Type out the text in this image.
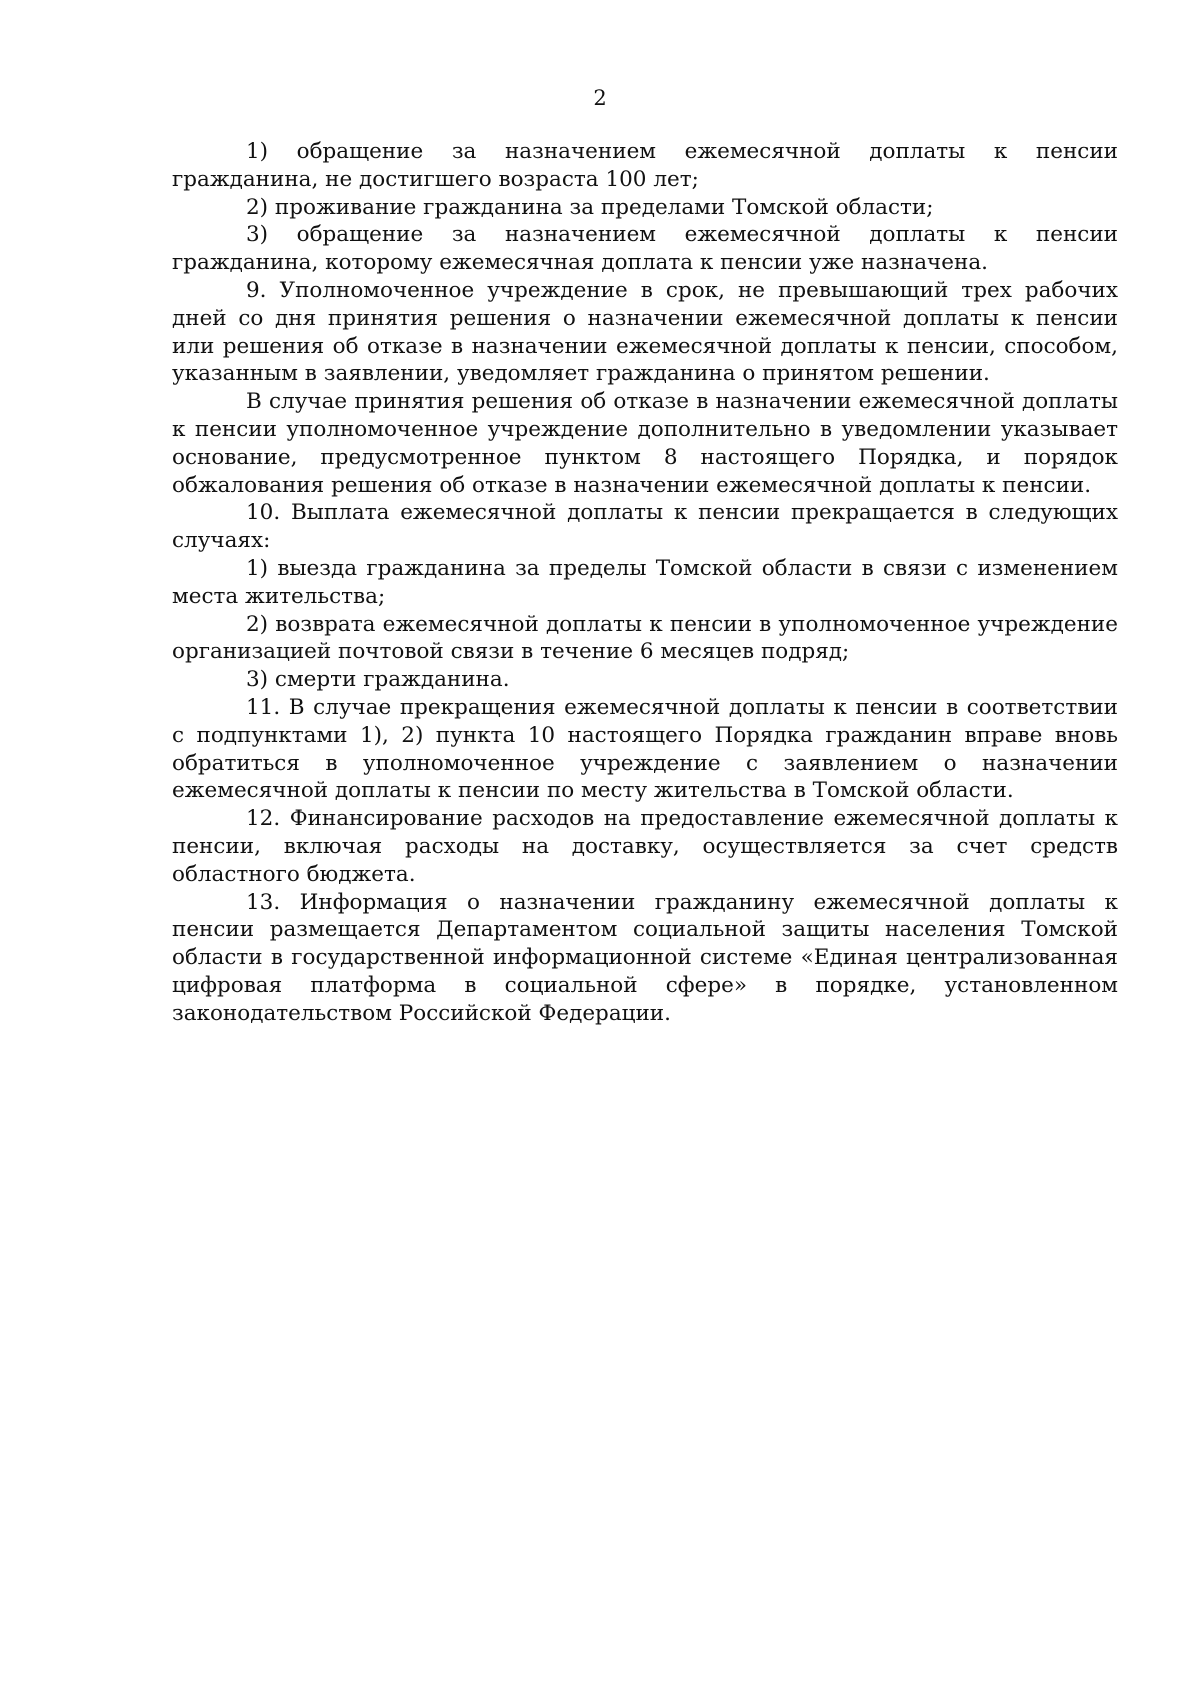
2

1) обращение за назначением ежемесячной доплаты к пенсии гражданина, не достигшего возраста 100 лет;

2) проживание гражданина за пределами Томской области;

3) обращение за назначением ежемесячной доплаты к пенсии гражданина, которому ежемесячная доплата к пенсии уже назначена.

9. Уполномоченное учреждение в срок, не превышающий трех рабочих дней со дня принятия решения о назначении ежемесячной доплаты к пенсии или решения об отказе в назначении ежемесячной доплаты к пенсии, способом, указанным в заявлении, уведомляет гражданина о принятом решении.

В случае принятия решения об отказе в назначении ежемесячной доплаты к пенсии уполномоченное учреждение дополнительно в уведомлении указывает основание, предусмотренное пунктом 8 настоящего Порядка, и порядок обжалования решения об отказе в назначении ежемесячной доплаты к пенсии.

10. Выплата ежемесячной доплаты к пенсии прекращается в следующих случаях:

1) выезда гражданина за пределы Томской области в связи с изменением места жительства;

2) возврата ежемесячной доплаты к пенсии в уполномоченное учреждение организацией почтовой связи в течение 6 месяцев подряд;

3) смерти гражданина.

11. В случае прекращения ежемесячной доплаты к пенсии в соответствии с подпунктами 1), 2) пункта 10 настоящего Порядка гражданин вправе вновь обратиться в уполномоченное учреждение с заявлением о назначении ежемесячной доплаты к пенсии по месту жительства в Томской области.

12. Финансирование расходов на предоставление ежемесячной доплаты к пенсии, включая расходы на доставку, осуществляется за счет средств областного бюджета.

13. Информация о назначении гражданину ежемесячной доплаты к пенсии размещается Департаментом социальной защиты населения Томской области в государственной информационной системе «Единая централизованная цифровая платформа в социальной сфере» в порядке, установленном законодательством Российской Федерации.
